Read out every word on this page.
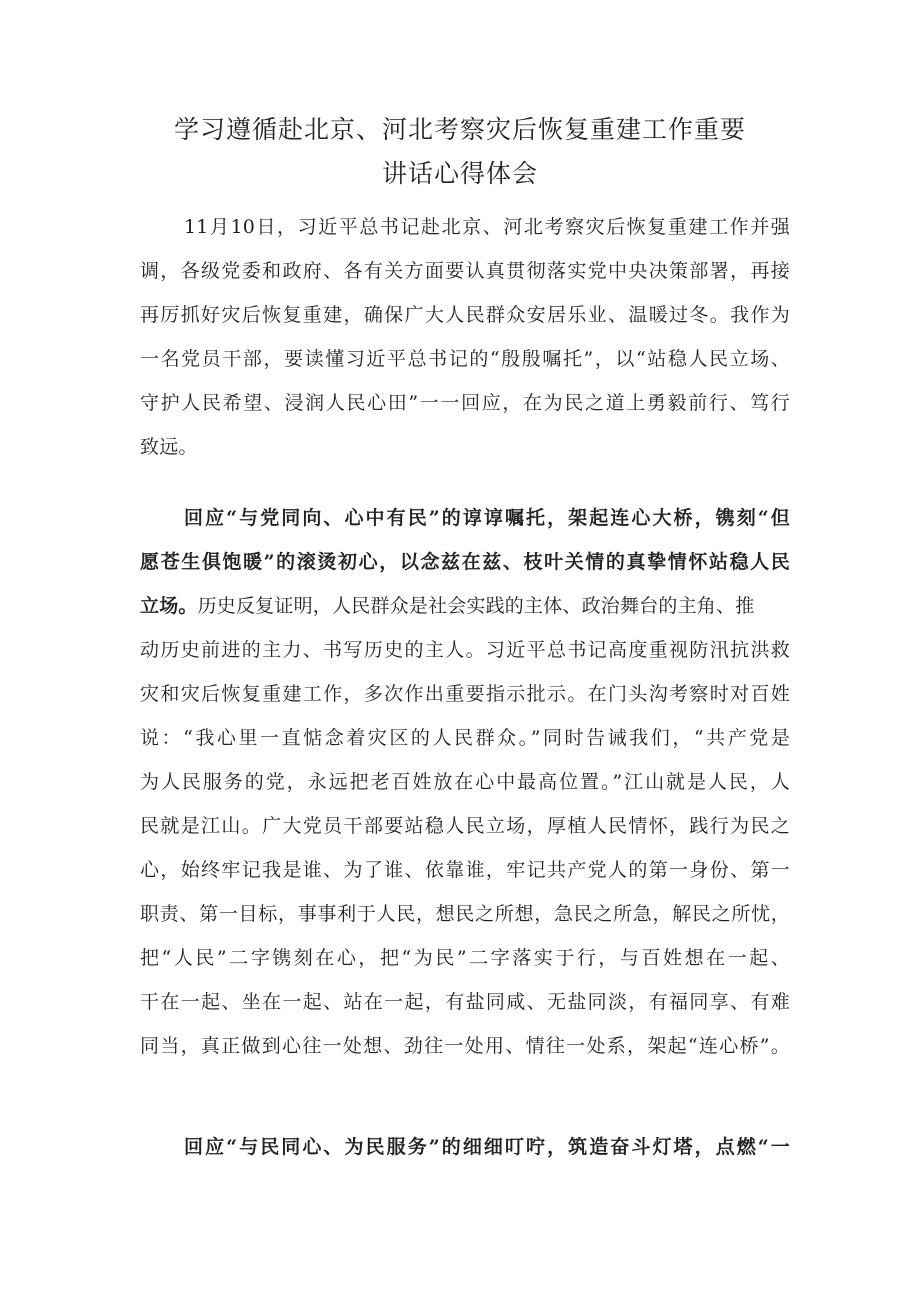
学习遵循赴北京、河北考察灾后恢复重建工作重要
讲话心得体会
11月10日，习近平总书记赴北京、河北考察灾后恢复重建工作并强
调，各级党委和政府、各有关方面要认真贯彻落实党中央决策部署，再接
再厉抓好灾后恢复重建，确保广大人民群众安居乐业、温暖过冬。我作为
一名党员干部，要读懂习近平总书记的“殷殷嘱托”，以“站稳人民立场、
守护人民希望、浸润人民心田”一一回应，在为民之道上勇毅前行、笃行
致远。
回应“与党同向、心中有民”的谆谆嘱托，架起连心大桥，镌刻“但
愿苍生俱饱暖”的滚烫初心，以念兹在兹、枝叶关情的真挚情怀站稳人民
立场。历史反复证明，人民群众是社会实践的主体、政治舞台的主角、推
动历史前进的主力、书写历史的主人。习近平总书记高度重视防汛抗洪救
灾和灾后恢复重建工作，多次作出重要指示批示。在门头沟考察时对百姓
说：“我心里一直惦念着灾区的人民群众。”同时告诫我们，“共产党是
为人民服务的党，永远把老百姓放在心中最高位置。”江山就是人民，人
民就是江山。广大党员干部要站稳人民立场，厚植人民情怀，践行为民之
心，始终牢记我是谁、为了谁、依靠谁，牢记共产党人的第一身份、第一
职责、第一目标，事事利于人民，想民之所想，急民之所急，解民之所忧，
把“人民”二字镌刻在心，把“为民”二字落实于行，与百姓想在一起、
干在一起、坐在一起、站在一起，有盐同咸、无盐同淡，有福同享、有难
同当，真正做到心往一处想、劲往一处用、情往一处系，架起“连心桥”。
回应“与民同心、为民服务”的细细叮咛，筑造奋斗灯塔，点燃“一
